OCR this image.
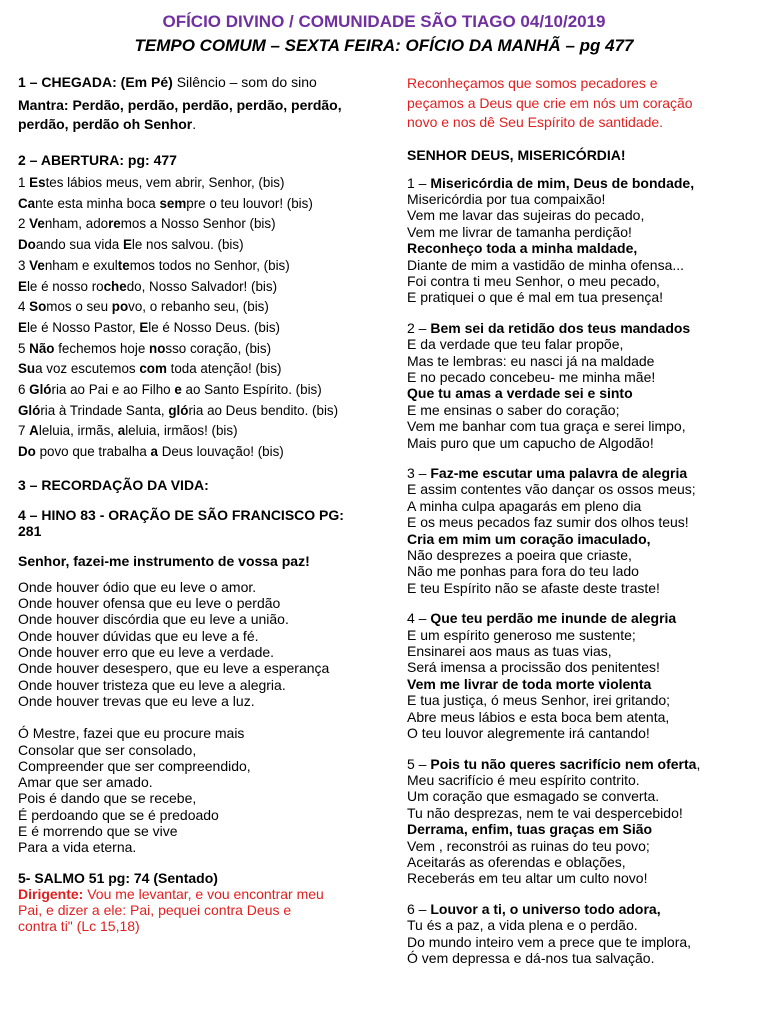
OFÍCIO DIVINO / COMUNIDADE SÃO TIAGO 04/10/2019
TEMPO COMUM – SEXTA FEIRA: OFÍCIO DA MANHÃ – pg 477

1 – CHEGADA: (Em Pé) Silêncio – som do sino

Mantra: Perdão, perdão, perdão, perdão, perdão,
perdão, perdão oh Senhor.

2 – ABERTURA: pg: 477

1 Estes lábios meus, vem abrir, Senhor, (bis)

Cante esta minha boca sempre o teu louvor! (bis)

2 Venham, adoremos a Nosso Senhor (bis)

Doando sua vida Ele nos salvou. (bis)

3 Venham e exultemos todos no Senhor, (bis)

Ele é nosso rochedo, Nosso Salvador! (bis)

4 Somos o seu povo, o rebanho seu, (bis)

Ele é Nosso Pastor, Ele é Nosso Deus. (bis)

5 Não fechemos hoje nosso coração, (bis)

Sua voz escutemos com toda atenção! (bis)

6 Glória ao Pai e ao Filho e ao Santo Espírito. (bis)

Glória à Trindade Santa, glória ao Deus bendito. (bis)

7 Aleluia, irmãs, aleluia, irmãos! (bis)

Do povo que trabalha a Deus louvação! (bis)

3 – RECORDAÇÃO DA VIDA:

4 – HINO 83 - ORAÇÃO DE SÃO FRANCISCO PG:
281

Senhor, fazei-me instrumento de vossa paz!

Onde houver ódio que eu leve o amor.

Onde houver ofensa que eu leve o perdão

Onde houver discórdia que eu leve a união.

Onde houver dúvidas que eu leve a fé.

Onde houver erro que eu leve a verdade.

Onde houver desespero, que eu leve a esperança

Onde houver tristeza que eu leve a alegria.

Onde houver trevas que eu leve a luz.

Ó Mestre, fazei que eu procure mais

Consolar que ser consolado,

Compreender que ser compreendido,

Amar que ser amado.

Pois é dando que se recebe,

É perdoando que se é predoado

E é morrendo que se vive

Para a vida eterna.

5- SALMO 51 pg: 74 (Sentado)

Dirigente: Vou me levantar, e vou encontrar meu
Pai, e dizer a ele: Pai, pequei contra Deus e
contra ti" (Lc 15,18)

Reconheçamos que somos pecadores e

peçamos a Deus que crie em nós um coração

novo e nos dê Seu Espírito de santidade.

SENHOR DEUS, MISERICÓRDIA!

1 – Misericórdia de mim, Deus de bondade,

Misericórdia por tua compaixão!

Vem me lavar das sujeiras do pecado,

Vem me livrar de tamanha perdição!

Reconheço toda a minha maldade,

Diante de mim a vastidão de minha ofensa...

Foi contra ti meu Senhor, o meu pecado,

E pratiquei o que é mal em tua presença!

2 – Bem sei da retidão dos teus mandados

E da verdade que teu falar propõe,

Mas te lembras: eu nasci já na maldade

E no pecado concebeu- me minha mãe!

Que tu amas a verdade sei e sinto

E me ensinas o saber do coração;

Vem me banhar com tua graça e serei limpo,

Mais puro que um capucho de Algodão!

3 – Faz-me escutar uma palavra de alegria

E assim contentes vão dançar os ossos meus;

A minha culpa apagarás em pleno dia

E os meus pecados faz sumir dos olhos teus!

Cria em mim um coração imaculado,

Não desprezes a poeira que criaste,

Não me ponhas para fora do teu lado

E teu Espírito não se afaste deste traste!

4 – Que teu perdão me inunde de alegria

E um espírito generoso me sustente;

Ensinarei aos maus as tuas vias,

Será imensa a procissão dos penitentes!

Vem me livrar de toda morte violenta

E tua justiça, ó meus Senhor, irei gritando;

Abre meus lábios e esta boca bem atenta,

O teu louvor alegremente irá cantando!

5 – Pois tu não queres sacrifício nem oferta,

Meu sacrifício é meu espírito contrito.

Um coração que esmagado se converta.

Tu não desprezas, nem te vai despercebido!

Derrama, enfim, tuas graças em Sião

Vem , reconstrói as ruinas do teu povo;

Aceitarás as oferendas e oblações,

Receberás em teu altar um culto novo!

6 – Louvor a ti, o universo todo adora,

Tu és a paz, a vida plena e o perdão.

Do mundo inteiro vem a prece que te implora,

Ó vem depressa e dá-nos tua salvação.
